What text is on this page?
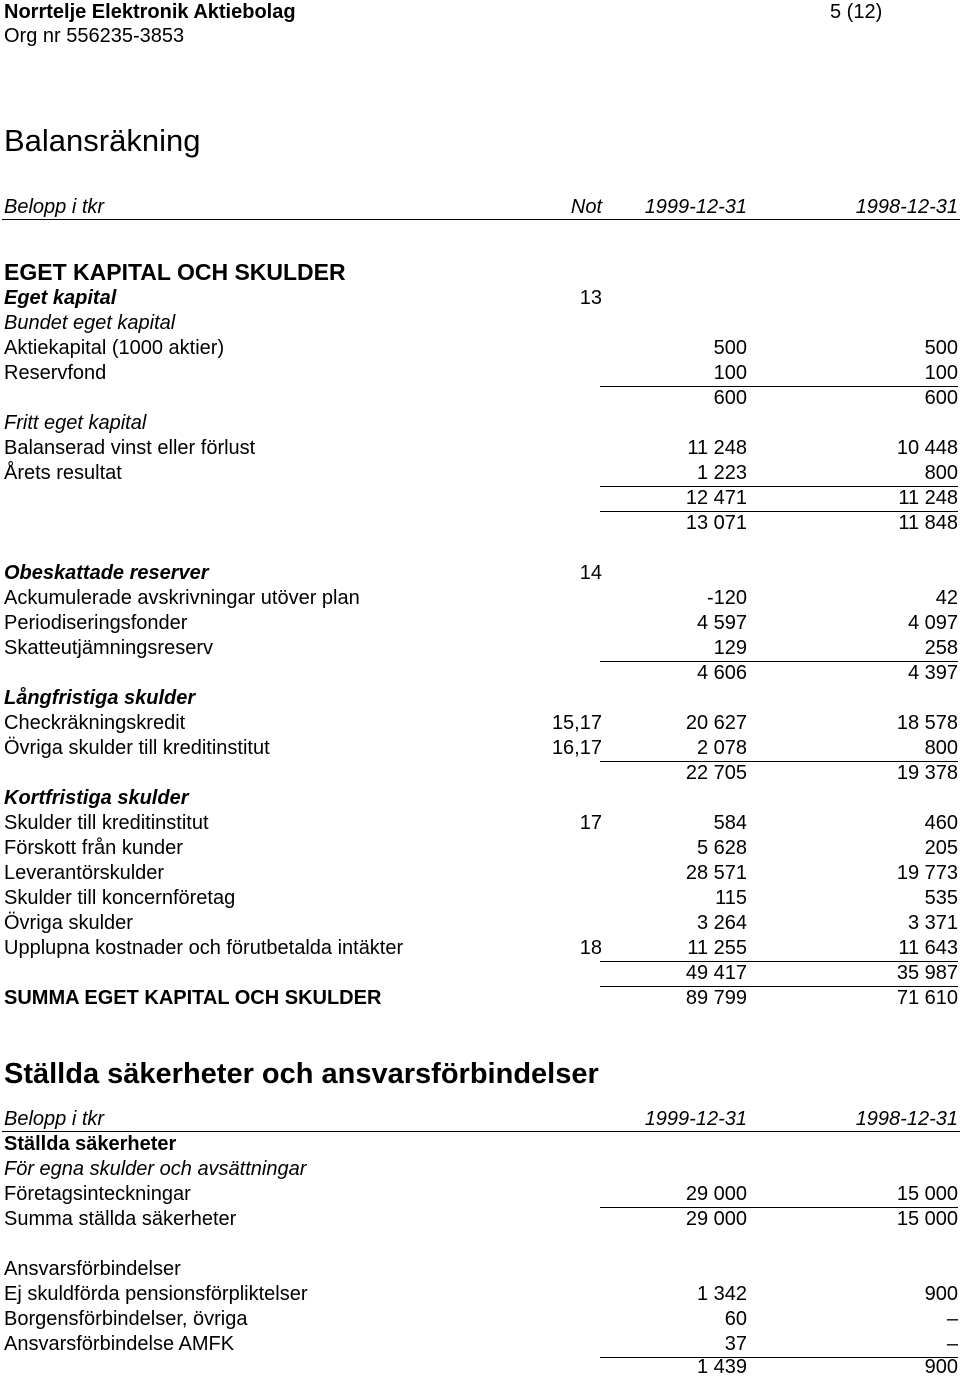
Norrtelje Elektronik Aktiebolag	5 (12)
Org nr 556235-3853
Balansräkning
Belopp i tkr	Not	1999-12-31	1998-12-31
EGET KAPITAL OCH SKULDER
Eget kapital	13
Bundet eget kapital
Aktiekapital (1000 aktier)	500	500
Reservfond	100	100
600	600
Fritt eget kapital
Balanserad vinst eller förlust	11 248	10 448
Årets resultat	1 223	800
12 471	11 248
13 071	11 848
Obeskattade reserver	14
Ackumulerade avskrivningar utöver plan	-120	42
Periodiseringsfonder	4 597	4 097
Skatteutjämningsreserv	129	258
4 606	4 397
Långfristiga skulder
Checkräkningskredit	15,17	20 627	18 578
Övriga skulder till kreditinstitut	16,17	2 078	800
22 705	19 378
Kortfristiga skulder
Skulder till kreditinstitut	17	584	460
Förskott från kunder	5 628	205
Leverantörskulder	28 571	19 773
Skulder till koncernföretag	115	535
Övriga skulder	3 264	3 371
Upplupna kostnader och förutbetalda intäkter	18	11 255	11 643
49 417	35 987
SUMMA EGET KAPITAL OCH SKULDER	89 799	71 610
Ställda säkerheter och ansvarsförbindelser
Belopp i tkr	1999-12-31	1998-12-31
Ställda säkerheter
För egna skulder och avsättningar
Företagsinteckningar	29 000	15 000
Summa ställda säkerheter	29 000	15 000
Ansvarsförbindelser
Ej skuldförda pensionsförpliktelser	1 342	900
Borgensförbindelser, övriga	60	–
Ansvarsförbindelse AMFK	37	–
1 439	900
